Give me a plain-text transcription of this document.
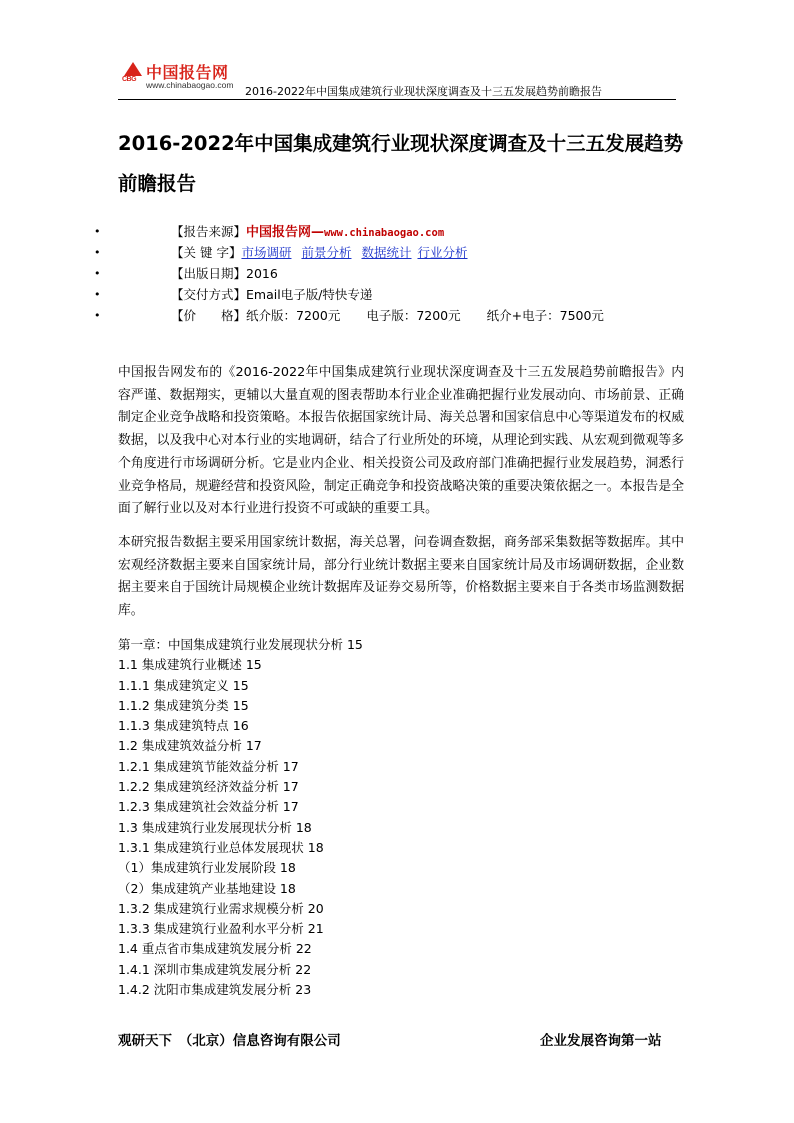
CBG 中国报告网
www.chinabaogao.com 2016-2022年中国集成建筑行业现状深度调查及十三五发展趋势前瞻报告
2016-2022年中国集成建筑行业现状深度调查及十三五发展趋势前瞻报告
•	【报告来源】中国报告网—www.chinabaogao.com
•	【关 键 字】市场调研 前景分析 数据统计 行业分析
•	【出版日期】2016
•	【交付方式】Email电子版/特快专递
•	【价　　格】纸介版：7200元 电子版：7200元 纸介+电子：7500元
中国报告网发布的《2016-2022年中国集成建筑行业现状深度调查及十三五发展趋势前瞻报告》内容严谨、数据翔实，更辅以大量直观的图表帮助本行业企业准确把握行业发展动向、市场前景、正确制定企业竞争战略和投资策略。本报告依据国家统计局、海关总署和国家信息中心等渠道发布的权威数据，以及我中心对本行业的实地调研，结合了行业所处的环境，从理论到实践、从宏观到微观等多个角度进行市场调研分析。它是业内企业、相关投资公司及政府部门准确把握行业发展趋势，洞悉行业竞争格局，规避经营和投资风险，制定正确竞争和投资战略决策的重要决策依据之一。本报告是全面了解行业以及对本行业进行投资不可或缺的重要工具。
本研究报告数据主要采用国家统计数据，海关总署，问卷调查数据，商务部采集数据等数据库。其中宏观经济数据主要来自国家统计局，部分行业统计数据主要来自国家统计局及市场调研数据，企业数据主要来自于国统计局规模企业统计数据库及证券交易所等，价格数据主要来自于各类市场监测数据库。
第一章：中国集成建筑行业发展现状分析 15
1.1 集成建筑行业概述 15
1.1.1 集成建筑定义 15
1.1.2 集成建筑分类 15
1.1.3 集成建筑特点 16
1.2 集成建筑效益分析 17
1.2.1 集成建筑节能效益分析 17
1.2.2 集成建筑经济效益分析 17
1.2.3 集成建筑社会效益分析 17
1.3 集成建筑行业发展现状分析 18
1.3.1 集成建筑行业总体发展现状 18
（1）集成建筑行业发展阶段 18
（2）集成建筑产业基地建设 18
1.3.2 集成建筑行业需求规模分析 20
1.3.3 集成建筑行业盈利水平分析 21
1.4 重点省市集成建筑发展分析 22
1.4.1 深圳市集成建筑发展分析 22
1.4.2 沈阳市集成建筑发展分析 23
观研天下　（北京）信息咨询有限公司	企业发展咨询第一站
